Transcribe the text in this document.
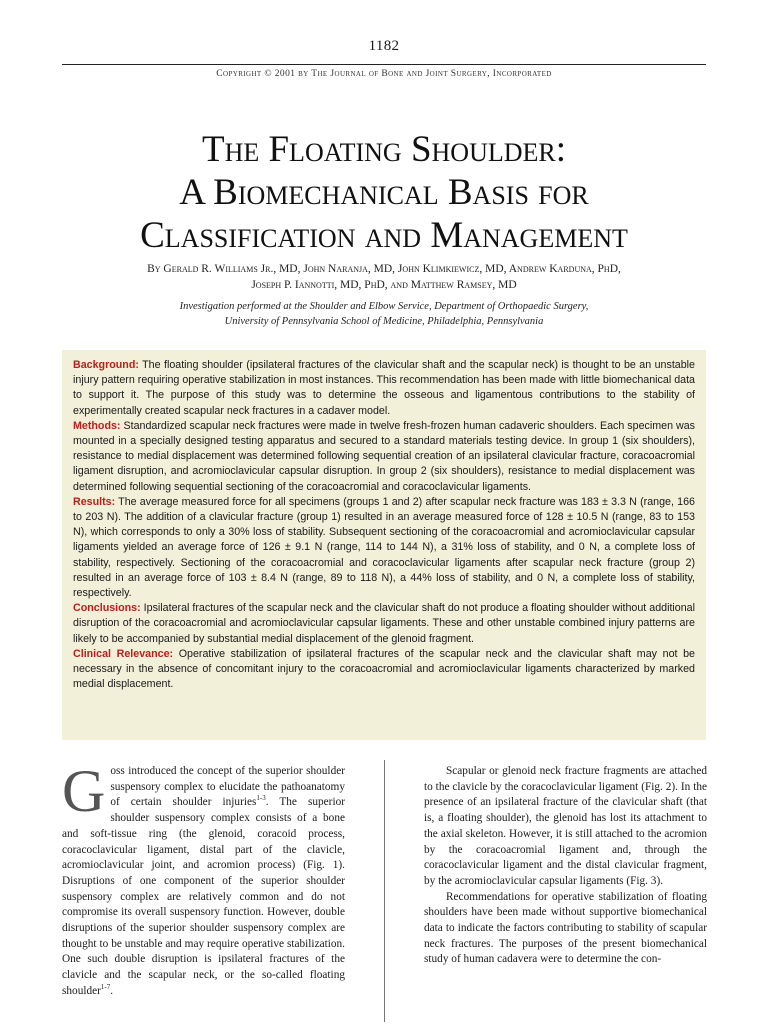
1182
Copyright © 2001 by The Journal of Bone and Joint Surgery, Incorporated
The Floating Shoulder:
A Biomechanical Basis for
Classification and Management
By Gerald R. Williams Jr., MD, John Naranja, MD, John Klimkiewicz, MD, Andrew Karduna, PhD,
Joseph P. Iannotti, MD, PhD, and Matthew Ramsey, MD
Investigation performed at the Shoulder and Elbow Service, Department of Orthopaedic Surgery,
University of Pennsylvania School of Medicine, Philadelphia, Pennsylvania

Background: The floating shoulder (ipsilateral fractures of the clavicular shaft and the scapular neck) is thought to be an unstable injury pattern requiring operative stabilization in most instances. This recommendation has been made with little biomechanical data to support it. The purpose of this study was to determine the osseous and ligamentous contributions to the stability of experimentally created scapular neck fractures in a cadaver model.

Methods: Standardized scapular neck fractures were made in twelve fresh-frozen human cadaveric shoulders. Each specimen was mounted in a specially designed testing apparatus and secured to a standard materials testing device. In group 1 (six shoulders), resistance to medial displacement was determined following sequential creation of an ipsilateral clavicular fracture, coracoacromial ligament disruption, and acromioclavicular capsular disruption. In group 2 (six shoulders), resistance to medial displacement was determined following sequential sectioning of the coracoacromial and coracoclavicular ligaments.

Results: The average measured force for all specimens (groups 1 and 2) after scapular neck fracture was 183 ± 3.3 N (range, 166 to 203 N). The addition of a clavicular fracture (group 1) resulted in an average measured force of 128 ± 10.5 N (range, 83 to 153 N), which corresponds to only a 30% loss of stability. Subsequent sectioning of the coracoacromial and acromioclavicular capsular ligaments yielded an average force of 126 ± 9.1 N (range, 114 to 144 N), a 31% loss of stability, and 0 N, a complete loss of stability, respectively. Sectioning of the coracoacromial and coracoclavicular ligaments after scapular neck fracture (group 2) resulted in an average force of 103 ± 8.4 N (range, 89 to 118 N), a 44% loss of stability, and 0 N, a complete loss of stability, respectively.

Conclusions: Ipsilateral fractures of the scapular neck and the clavicular shaft do not produce a floating shoulder without additional disruption of the coracoacromial and acromioclavicular capsular ligaments. These and other unstable combined injury patterns are likely to be accompanied by substantial medial displacement of the glenoid fragment.

Clinical Relevance: Operative stabilization of ipsilateral fractures of the scapular neck and the clavicular shaft may not be necessary in the absence of concomitant injury to the coracoacromial and acromioclavicular ligaments characterized by marked medial displacement.

Goss introduced the concept of the superior shoulder suspensory complex to elucidate the pathoanatomy of certain shoulder injuries$^{1-3}$. The superior shoulder suspensory complex consists of a bone and soft-tissue ring (the glenoid, coracoid process, coracoclavicular ligament, distal part of the clavicle, acromioclavicular joint, and acromion process) (Fig. 1). Disruptions of one component of the superior shoulder suspensory complex are relatively common and do not compromise its overall suspensory function. However, double disruptions of the superior shoulder suspensory complex are thought to be unstable and may require operative stabilization. One such double disruption is ipsilateral fractures of the clavicle and the scapular neck, or the so-called floating shoulder$^{1-7}$.

Scapular or glenoid neck fracture fragments are attached to the clavicle by the coracoclavicular ligament (Fig. 2). In the presence of an ipsilateral fracture of the clavicular shaft (that is, a floating shoulder), the glenoid has lost its attachment to the axial skeleton. However, it is still attached to the acromion by the coracoacromial ligament and, through the coracoclavicular ligament and the distal clavicular fragment, by the acromioclavicular capsular ligaments (Fig. 3).

Recommendations for operative stabilization of floating shoulders have been made without supportive biomechanical data to indicate the factors contributing to stability of scapular neck fractures. The purposes of the present biomechanical study of human cadavera were to determine the con-
